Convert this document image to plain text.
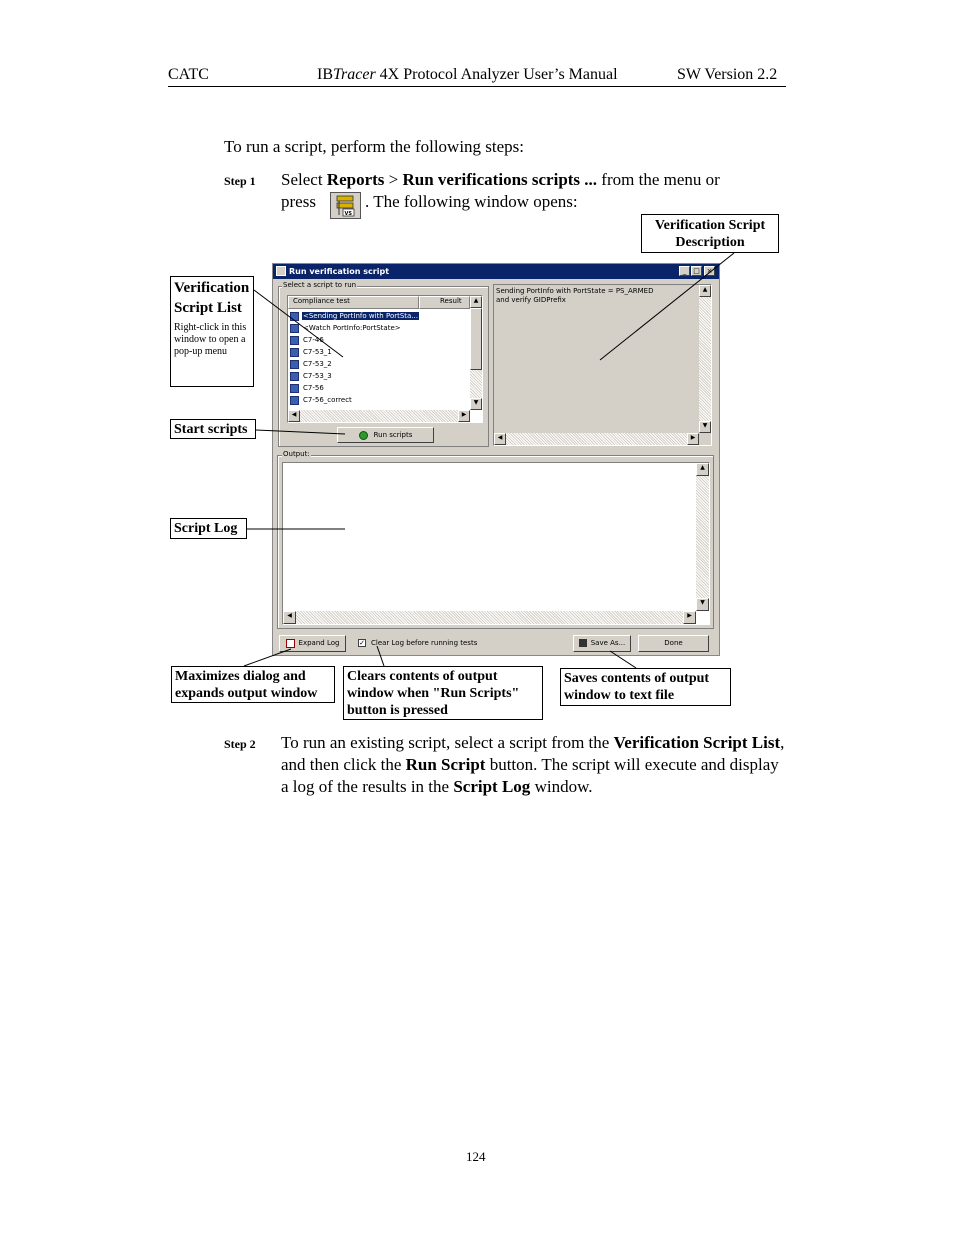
CATC	IBTracer 4X Protocol Analyzer User’s Manual	SW Version 2.2
To run a script, perform the following steps:
Step 1 Select Reports > Run verifications scripts ... from the menu or
press
VS
. The following window opens:
Verification Script Description
Run verification script	_ □ ×
Select a script to run
Compliance test	Result	▲
▼
◀	▶
<Sending PortInfo with PortSta...
<Watch PortInfo:PortState>
C7-46
C7-53_1
C7-53_2
C7-53_3
C7-56
C7-56_correct
Run scripts
Sending PortInfo with PortState = PS_ARMED
and verify GIDPrefix
▲
▼
◀	▶
Output:
▲
▼
◀	▶
Expand Log	✓ Clear Log before running tests	Save As...	Done
Verification
Script List
Right-click in this window to open a pop-up menu
Start scripts
Script Log
Maximizes dialog and expands output window
Clears contents of output window when "Run Scripts" button is pressed
Saves contents of output window to text file
Step 2 To run an existing script, select a script from the Verification Script List, and then click the Run Script button. The script will execute and display a log of the results in the Script Log window.
124
